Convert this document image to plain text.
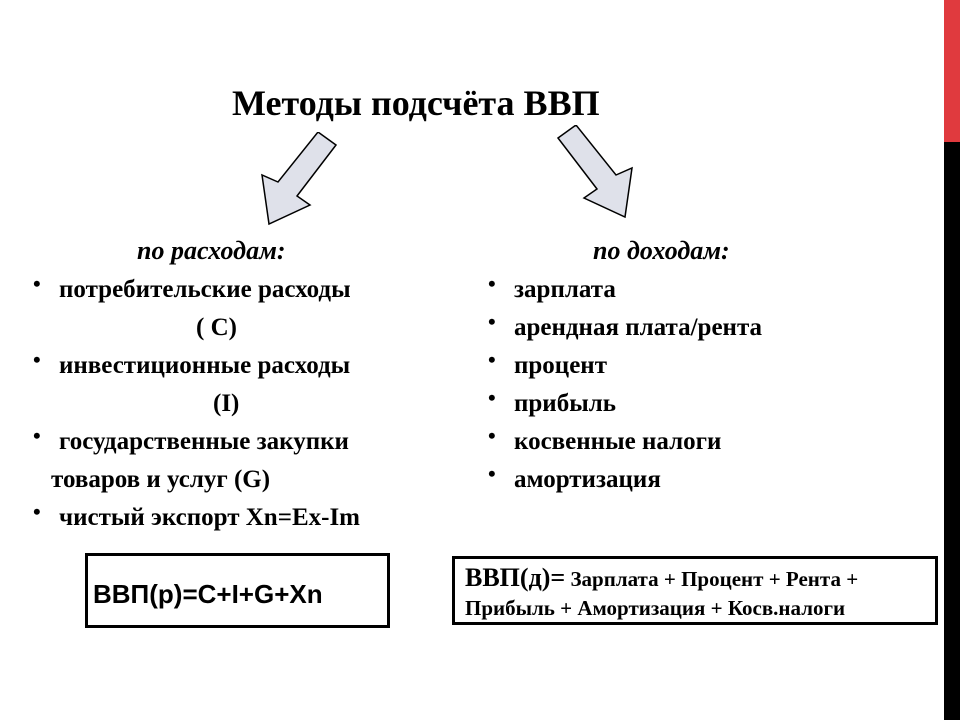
Методы подсчёта ВВП
по расходам:	по доходам:
• потребительские расходы
( C)
• инвестиционные расходы
(I)
• государственные закупки
товаров и услуг (G)
• чистый экспорт Xn=Ex-Im
• зарплата
• арендная плата/рента
• процент
• прибыль
• косвенные налоги
• амортизация
ВВП(р)=С+I+G+Xn
ВВП(д)= Зарплата + Процент + Рента +
Прибыль + Амортизация + Косв.налоги
